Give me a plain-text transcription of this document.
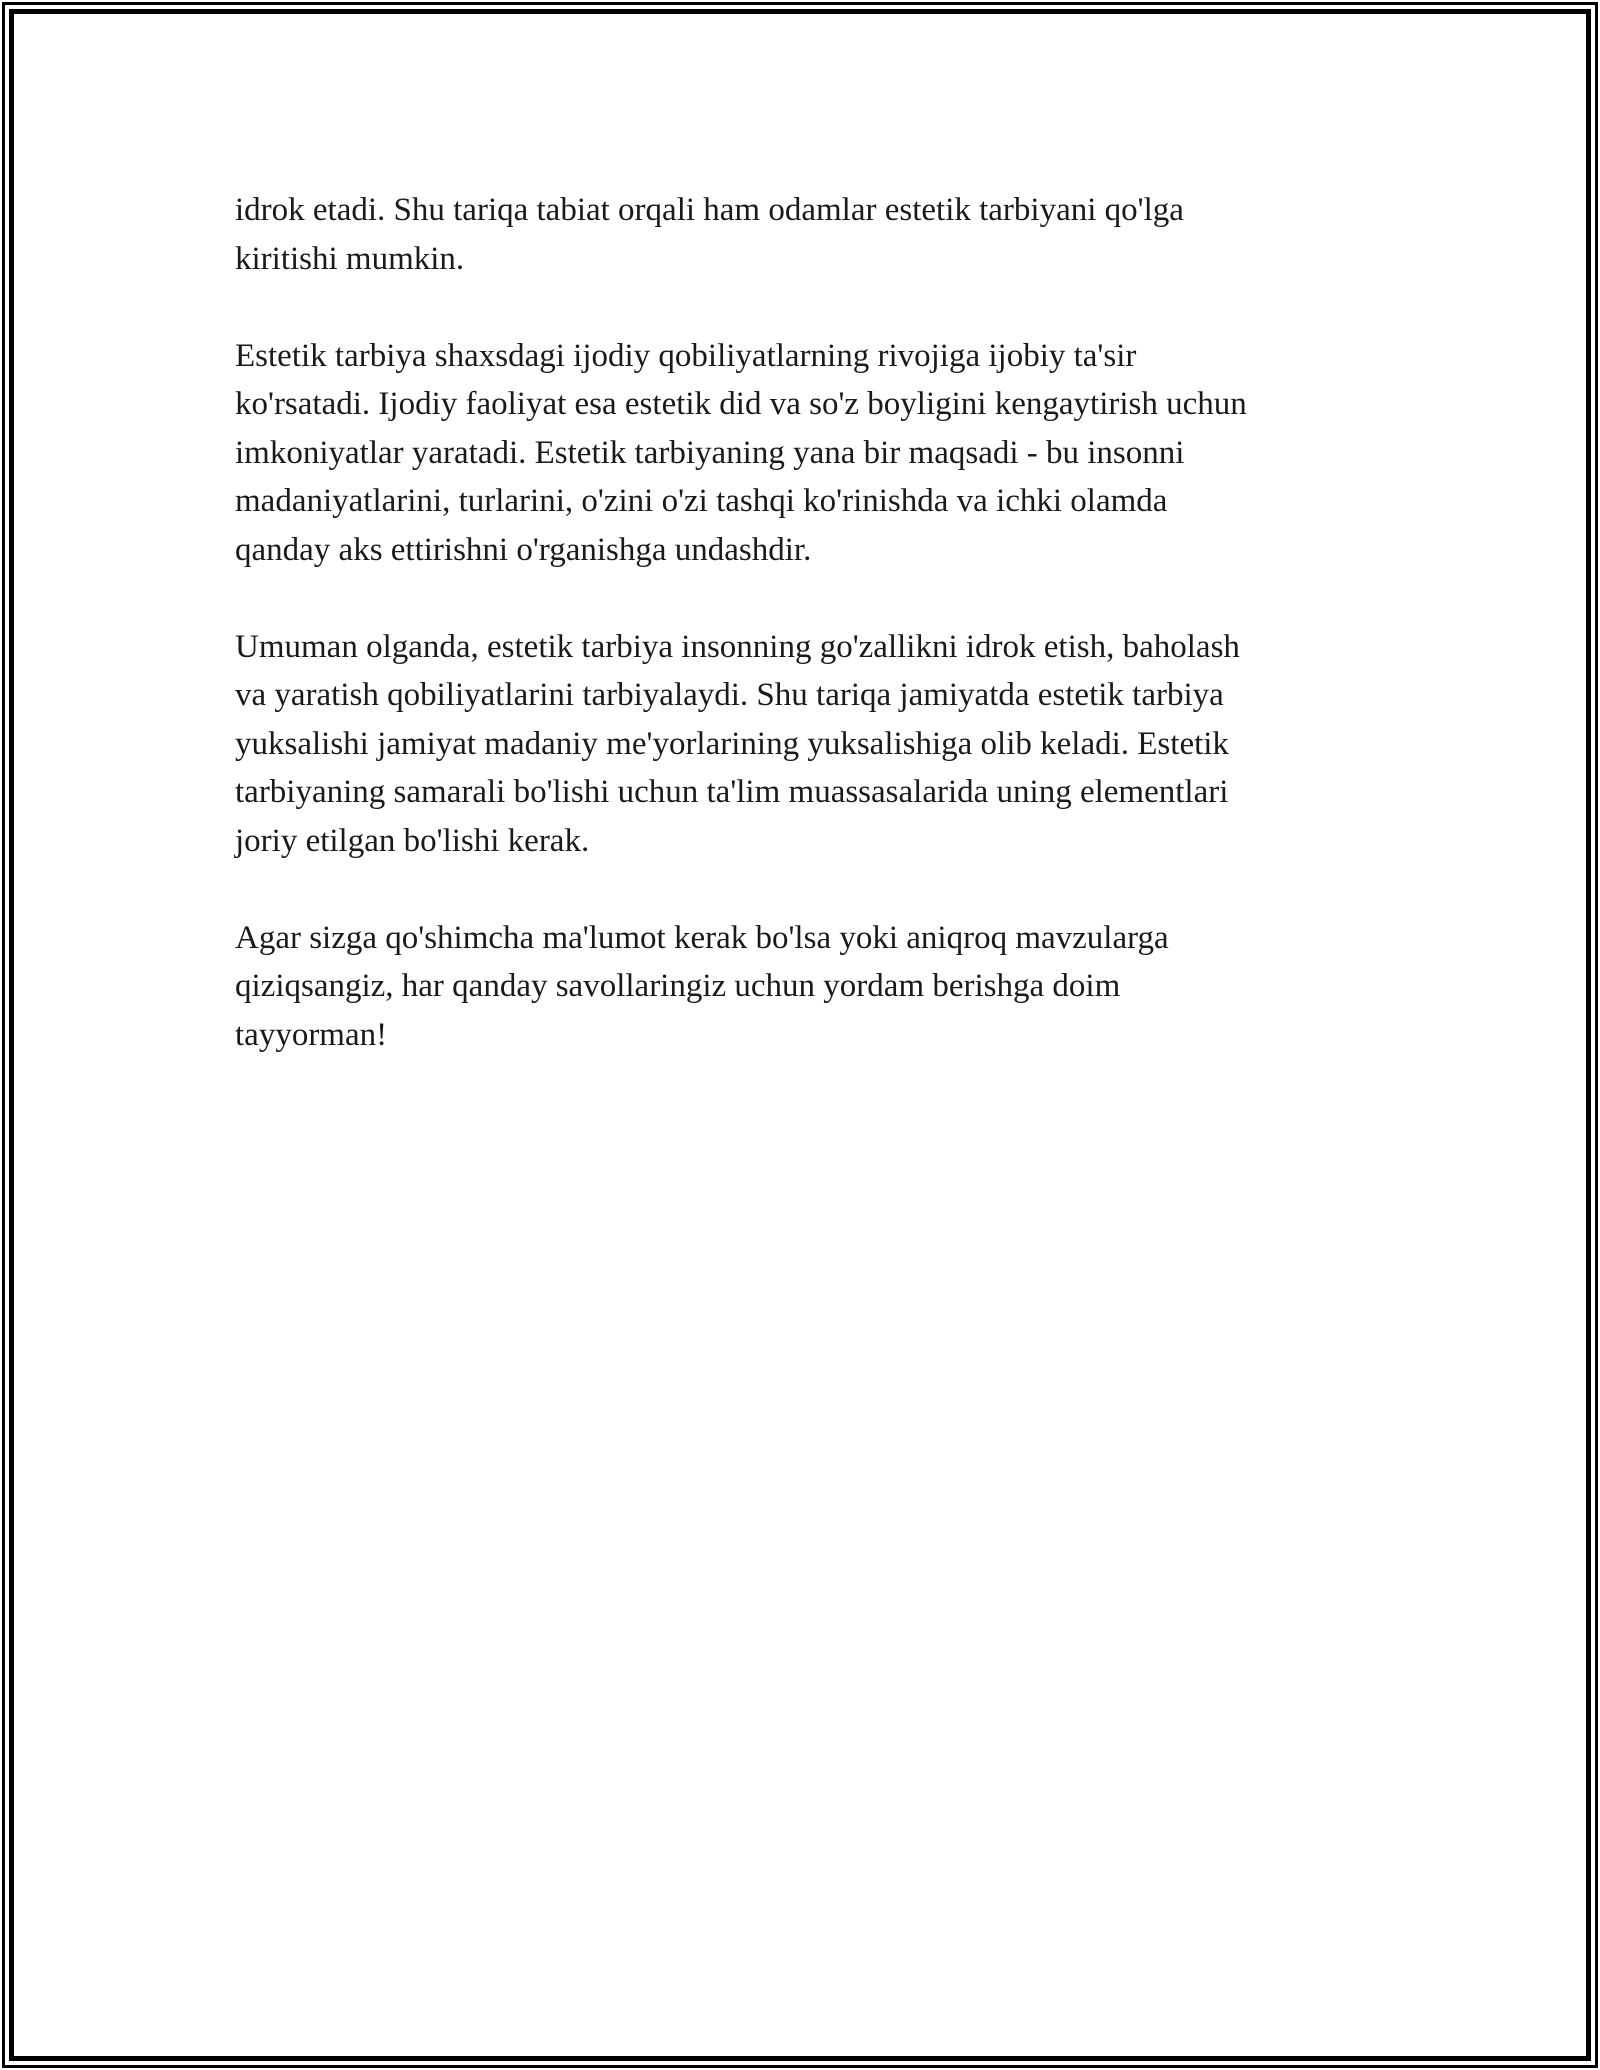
idrok etadi. Shu tariqa tabiat orqali ham odamlar estetik tarbiyani qo'lga
kiritishi mumkin.

Estetik tarbiya shaxsdagi ijodiy qobiliyatlarning rivojiga ijobiy ta'sir
ko'rsatadi. Ijodiy faoliyat esa estetik did va so'z boyligini kengaytirish uchun
imkoniyatlar yaratadi. Estetik tarbiyaning yana bir maqsadi - bu insonni
madaniyatlarini, turlarini, o'zini o'zi tashqi ko'rinishda va ichki olamda
qanday aks ettirishni o'rganishga undashdir.

Umuman olganda, estetik tarbiya insonning go'zallikni idrok etish, baholash
va yaratish qobiliyatlarini tarbiyalaydi. Shu tariqa jamiyatda estetik tarbiya
yuksalishi jamiyat madaniy me'yorlarining yuksalishiga olib keladi. Estetik
tarbiyaning samarali bo'lishi uchun ta'lim muassasalarida uning elementlari
joriy etilgan bo'lishi kerak.

Agar sizga qo'shimcha ma'lumot kerak bo'lsa yoki aniqroq mavzularga
qiziqsangiz, har qanday savollaringiz uchun yordam berishga doim
tayyorman!
